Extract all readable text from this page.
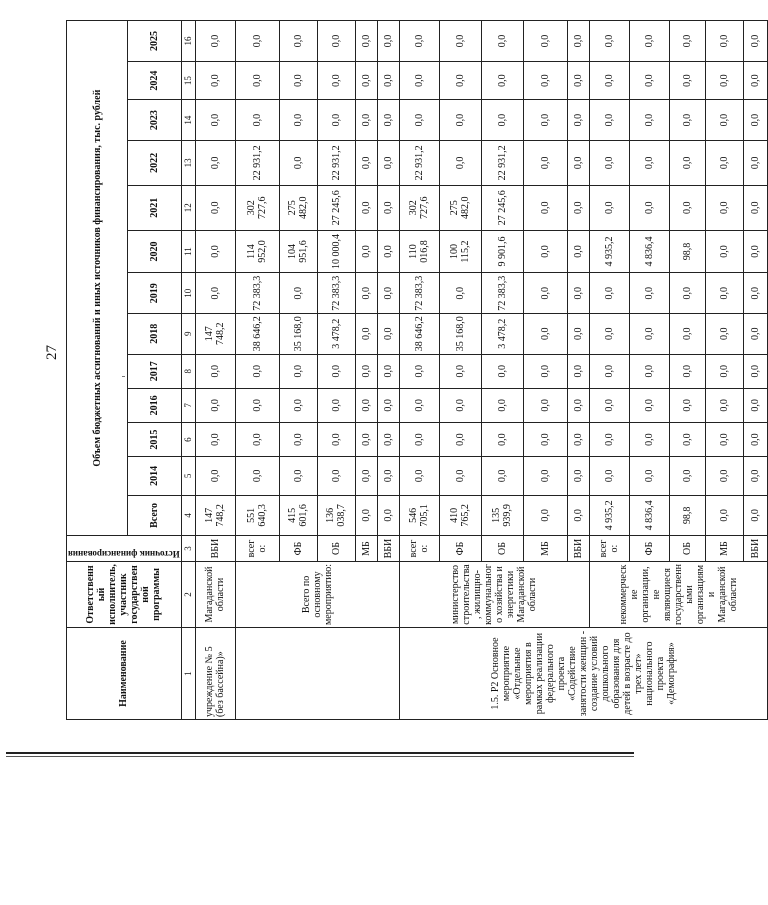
27
Наименование	Ответственный исполнитель, участник государственной программы	Источник финансирования	Объем бюджетных ассигнований и иных источников финансирования, тыс. рублей												
			Всего	2014	2015	2016	2017	2018	2019	2020	2021	2022	2023	2024	2025
1	2	3	4	5	6	7	8	9	10	11	12	13	14	15	16
учреждение № 5 (без бассейна)»	Магаданской области	ВБИ	147 748,2	0,0	0,0	0,0	0,0	147 748,2	0,0	0,0	0,0	0,0	0,0	0,0	0,0
	Всего по основному мероприятию:	всего:	551 640,3	0,0	0,0	0,0	0,0	38 646,2	72 383,3	114 952,0	302 727,6	22 931,2	0,0	0,0	0,0
		ФБ	415 601,6	0,0	0,0	0,0	0,0	35 168,0	0,0	104 951,6	275 482,0	0,0	0,0	0,0	0,0
		ОБ	136 038,7	0,0	0,0	0,0	0,0	3 478,2	72 383,3	10 000,4	27 245,6	22 931,2	0,0	0,0	0,0
		МБ	0,0	0,0	0,0	0,0	0,0	0,0	0,0	0,0	0,0	0,0	0,0	0,0	0,0
		ВБИ	0,0	0,0	0,0	0,0	0,0	0,0	0,0	0,0	0,0	0,0	0,0	0,0	0,0
1.5. Р2 Основное мероприятие «Отдельные мероприятия в рамках реализации федерального проекта «Содействие занятости женщин - создание условий дошкольного образования для детей в возрасте до трех лет» национального проекта «Демография»	министерство строительства, жилищно-коммунального хозяйства и энергетики Магаданской области	всего:	546 705,1	0,0	0,0	0,0	0,0	38 646,2	72 383,3	110 016,8	302 727,6	22 931,2	0,0	0,0	0,0
		ФБ	410 765,2	0,0	0,0	0,0	0,0	35 168,0	0,0	100 115,2	275 482,0	0,0	0,0	0,0	0,0
		ОБ	135 939,9	0,0	0,0	0,0	0,0	3 478,2	72 383,3	9 901,6	27 245,6	22 931,2	0,0	0,0	0,0
		МБ	0,0	0,0	0,0	0,0	0,0	0,0	0,0	0,0	0,0	0,0	0,0	0,0	0,0
		ВБИ	0,0	0,0	0,0	0,0	0,0	0,0	0,0	0,0	0,0	0,0	0,0	0,0	0,0
	некоммерческие организации, не являющиеся государственными организациями Магаданской области	всего:	4 935,2	0,0	0,0	0,0	0,0	0,0	0,0	4 935,2	0,0	0,0	0,0	0,0	0,0
		ФБ	4 836,4	0,0	0,0	0,0	0,0	0,0	0,0	4 836,4	0,0	0,0	0,0	0,0	0,0
		ОБ	98,8	0,0	0,0	0,0	0,0	0,0	0,0	98,8	0,0	0,0	0,0	0,0	0,0
		МБ	0,0	0,0	0,0	0,0	0,0	0,0	0,0	0,0	0,0	0,0	0,0	0,0	0,0
		ВБИ	0,0	0,0	0,0	0,0	0,0	0,0	0,0	0,0	0,0	0,0	0,0	0,0	0,0
